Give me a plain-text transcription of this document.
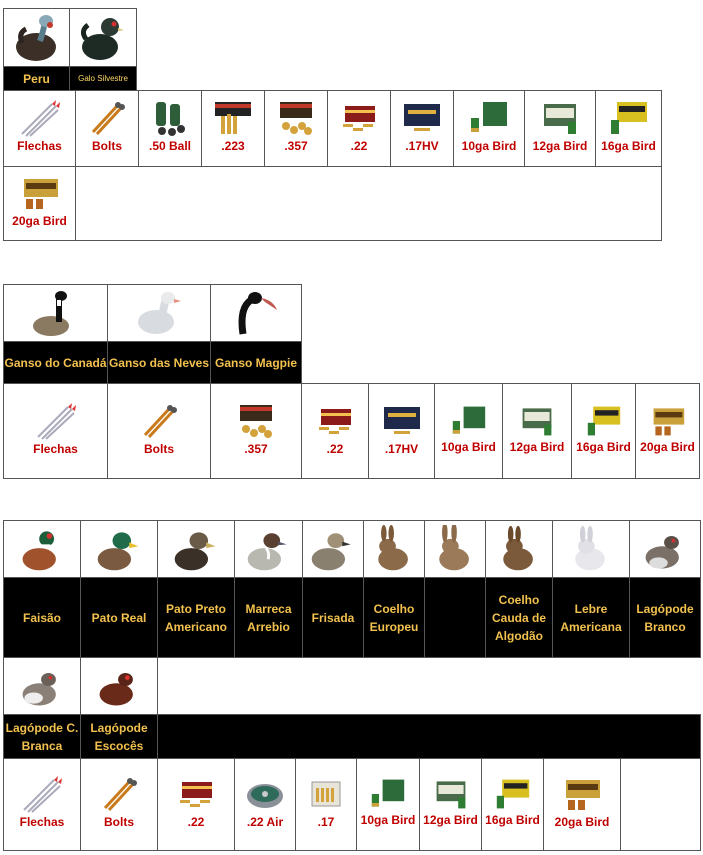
Peru	Galo Silvestre
Flechas	Bolts	.50 Ball	.223	.357	.22	.17HV	10ga Bird	12ga Bird	16ga Bird

20ga Bird									

Ganso do Canadá	Ganso das Neves	Ganso Magpie
Flechas	Bolts	.357	.22	.17HV	10ga Bird	12ga Bird	16ga Bird	20ga Bird

Faisão	Pato Real	Pato Preto Americano	Marreca Arrebio	Frisada	Coelho Europeu		Coelho Cauda de Algodão	Lebre Americana	Lagópode Branco

Lagópode C. Branca	Lagópode Escocês								
Flechas	Bolts	.22	.22 Air	.17	10ga Bird	12ga Bird	16ga Bird	20ga Bird
